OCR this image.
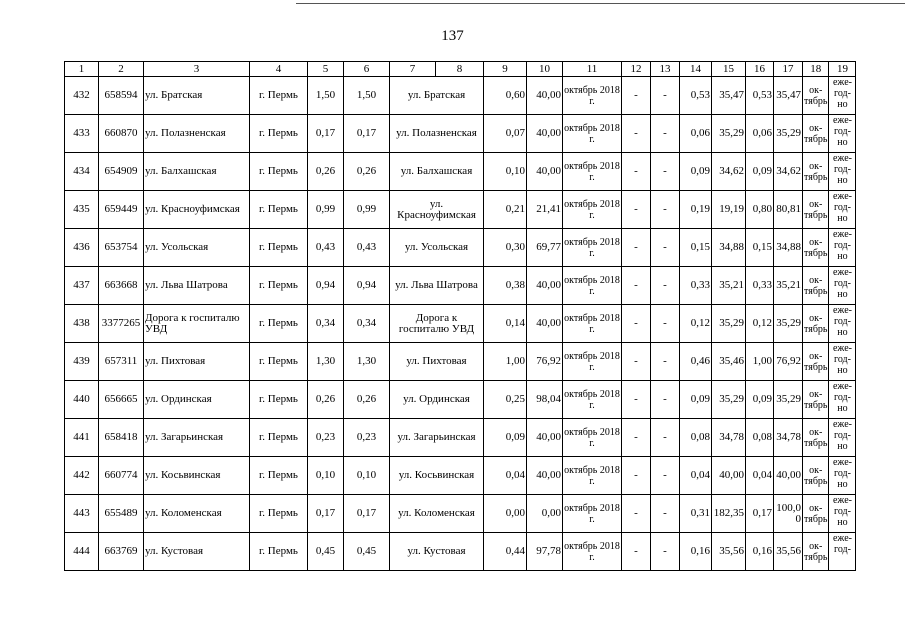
137
1	2	3	4	5	6	7	8	9	10	11	12	13	14	15	16	17	18	19
432	658594	ул. Братская	г. Пермь	1,50	1,50	ул. Братская		0,60	40,00	октябрь 2018 г.	-	-	0,53	35,47	0,53	35,47	ок-тябрь	еже-год-но
433	660870	ул. Полазненская	г. Пермь	0,17	0,17	ул. Полазненская		0,07	40,00	октябрь 2018 г.	-	-	0,06	35,29	0,06	35,29	ок-тябрь	еже-год-но
434	654909	ул. Балхашская	г. Пермь	0,26	0,26	ул. Балхашская		0,10	40,00	октябрь 2018 г.	-	-	0,09	34,62	0,09	34,62	ок-тябрь	еже-год-но
435	659449	ул. Красноуфимская	г. Пермь	0,99	0,99	ул. Красноуфимская		0,21	21,41	октябрь 2018 г.	-	-	0,19	19,19	0,80	80,81	ок-тябрь	еже-год-но
436	653754	ул. Усольская	г. Пермь	0,43	0,43	ул. Усольская		0,30	69,77	октябрь 2018 г.	-	-	0,15	34,88	0,15	34,88	ок-тябрь	еже-год-но
437	663668	ул. Льва Шатрова	г. Пермь	0,94	0,94	ул. Льва Шатрова		0,38	40,00	октябрь 2018 г.	-	-	0,33	35,21	0,33	35,21	ок-тябрь	еже-год-но
438	3377265	Дорога к госпиталю УВД	г. Пермь	0,34	0,34	Дорога к госпиталю УВД		0,14	40,00	октябрь 2018 г.	-	-	0,12	35,29	0,12	35,29	ок-тябрь	еже-год-но
439	657311	ул. Пихтовая	г. Пермь	1,30	1,30	ул. Пихтовая		1,00	76,92	октябрь 2018 г.	-	-	0,46	35,46	1,00	76,92	ок-тябрь	еже-год-но
440	656665	ул. Ординская	г. Пермь	0,26	0,26	ул. Ординская		0,25	98,04	октябрь 2018 г.	-	-	0,09	35,29	0,09	35,29	ок-тябрь	еже-год-но
441	658418	ул. Загарьинская	г. Пермь	0,23	0,23	ул. Загарьинская		0,09	40,00	октябрь 2018 г.	-	-	0,08	34,78	0,08	34,78	ок-тябрь	еже-год-но
442	660774	ул. Косьвинская	г. Пермь	0,10	0,10	ул. Косьвинская		0,04	40,00	октябрь 2018 г.	-	-	0,04	40,00	0,04	40,00	ок-тябрь	еже-год-но
443	655489	ул. Коломенская	г. Пермь	0,17	0,17	ул. Коломенская		0,00	0,00	октябрь 2018 г.	-	-	0,31	182,35	0,17	100,0 0	ок-тябрь	еже-год-но
444	663769	ул. Кустовая	г. Пермь	0,45	0,45	ул. Кустовая		0,44	97,78	октябрь 2018 г.	-	-	0,16	35,56	0,16	35,56	ок-тябрь	еже-год-
